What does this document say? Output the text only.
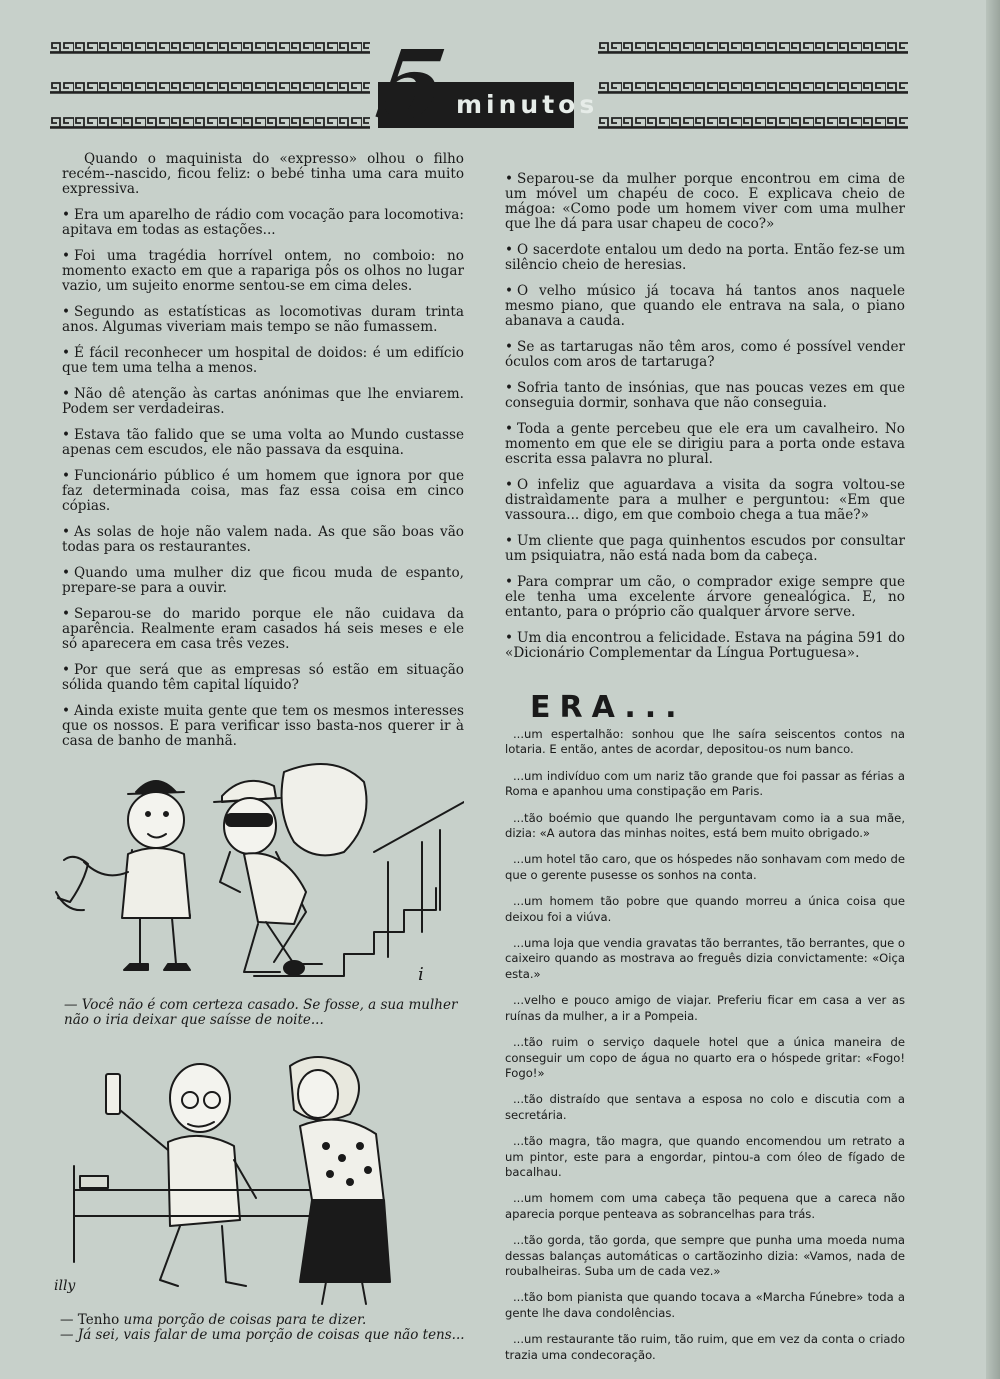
5 minutos

Quando o maquinista do «expresso» olhou o filho recém--nascido, ficou feliz: o bebé tinha uma cara muito expressiva.

• Era um aparelho de rádio com vocação para locomotiva: apitava em todas as estações...

• Foi uma tragédia horrível ontem, no comboio: no momento exacto em que a rapariga pôs os olhos no lugar vazio, um sujeito enorme sentou-se em cima deles.

• Segundo as estatísticas as locomotivas duram trinta anos. Algumas viveriam mais tempo se não fumassem.

• É fácil reconhecer um hospital de doidos: é um edifício que tem uma telha a menos.

• Não dê atenção às cartas anónimas que lhe enviarem. Podem ser verdadeiras.

• Estava tão falido que se uma volta ao Mundo custasse apenas cem escudos, ele não passava da esquina.

• Funcionário público é um homem que ignora por que faz determinada coisa, mas faz essa coisa em cinco cópias.

• As solas de hoje não valem nada. As que são boas vão todas para os restaurantes.

• Quando uma mulher diz que ficou muda de espanto, prepare-se para a ouvir.

• Separou-se do marido porque ele não cuidava da aparência. Realmente eram casados há seis meses e ele só aparecera em casa três vezes.

• Por que será que as empresas só estão em situação sólida quando têm capital líquido?

• Ainda existe muita gente que tem os mesmos interesses que os nossos. E para verificar isso basta-nos querer ir à casa de banho de manhã.

• Separou-se da mulher porque encontrou em cima de um móvel um chapéu de coco. E explicava cheio de mágoa: «Como pode um homem viver com uma mulher que lhe dá para usar chapeu de coco?»

• O sacerdote entalou um dedo na porta. Então fez-se um silêncio cheio de heresias.

• O velho músico já tocava há tantos anos naquele mesmo piano, que quando ele entrava na sala, o piano abanava a cauda.

• Se as tartarugas não têm aros, como é possível vender óculos com aros de tartaruga?

• Sofria tanto de insónias, que nas poucas vezes em que conseguia dormir, sonhava que não conseguia.

• Toda a gente percebeu que ele era um cavalheiro. No momento em que ele se dirigiu para a porta onde estava escrita essa palavra no plural.

• O infeliz que aguardava a visita da sogra voltou-se distraìdamente para a mulher e perguntou: «Em que vassoura... digo, em que comboio chega a tua mãe?»

• Um cliente que paga quinhentos escudos por consultar um psiquiatra, não está nada bom da cabeça.

• Para comprar um cão, o comprador exige sempre que ele tenha uma excelente árvore genealógica. E, no entanto, para o próprio cão qualquer árvore serve.

• Um dia encontrou a felicidade. Estava na página 591 do «Dicionário Complementar da Língua Portuguesa».

ERA...

...um espertalhão: sonhou que lhe saíra seiscentos contos na lotaria. E então, antes de acordar, depositou-os num banco.

...um indivíduo com um nariz tão grande que foi passar as férias a Roma e apanhou uma constipação em Paris.

...tão boémio que quando lhe perguntavam como ia a sua mãe, dizia: «A autora das minhas noites, está bem muito obrigado.»

...um hotel tão caro, que os hóspedes não sonhavam com medo de que o gerente pusesse os sonhos na conta.

...um homem tão pobre que quando morreu a única coisa que deixou foi a viúva.

...uma loja que vendia gravatas tão berrantes, tão berrantes, que o caixeiro quando as mostrava ao freguês dizia convictamente: «Oiça esta.»

...velho e pouco amigo de viajar. Preferiu ficar em casa a ver as ruínas da mulher, a ir a Pompeia.

...tão ruim o serviço daquele hotel que a única maneira de conseguir um copo de água no quarto era o hóspede gritar: «Fogo! Fogo!»

...tão distraído que sentava a esposa no colo e discutia com a secretária.

...tão magra, tão magra, que quando encomendou um retrato a um pintor, este para a engordar, pintou-a com óleo de fígado de bacalhau.

...um homem com uma cabeça tão pequena que a careca não aparecia porque penteava as sobrancelhas para trás.

...tão gorda, tão gorda, que sempre que punha uma moeda numa dessas balanças automáticas o cartãozinho dizia: «Vamos, nada de roubalheiras. Suba um de cada vez.»

...tão bom pianista que quando tocava a «Marcha Fúnebre» toda a gente lhe dava condolências.

...um restaurante tão ruim, tão ruim, que em vez da conta o criado trazia uma condecoração.

i
— Você não é com certeza casado. Se fosse, a sua mulher
não o iria deixar que saísse de noite...
illy
— Tenho uma porção de coisas para te dizer.
— Já sei, vais falar de uma porção de coisas que não tens...
